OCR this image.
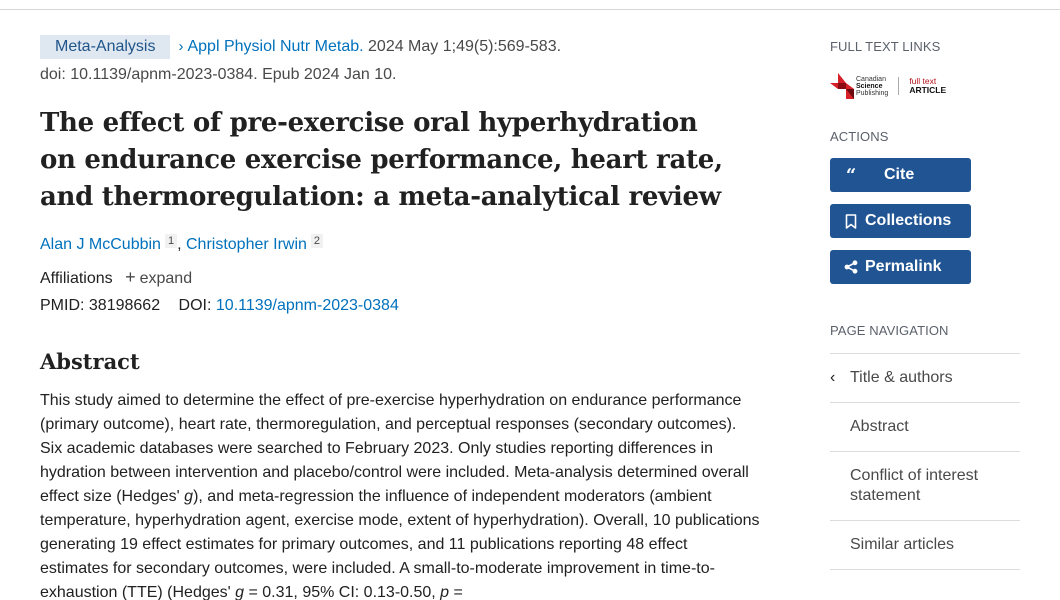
Meta-Analysis › Appl Physiol Nutr Metab. 2024 May 1;49(5):569-583.
doi: 10.1139/apnm-2023-0384. Epub 2024 Jan 10.
The effect of pre-exercise oral hyperhydration on endurance exercise performance, heart rate, and thermoregulation: a meta-analytical review
Alan J McCubbin 1 , Christopher Irwin 2
Affiliations + expand
PMID: 38198662 DOI: 10.1139/apnm-2023-0384
Abstract

This study aimed to determine the effect of pre-exercise hyperhydration on endurance performance (primary outcome), heart rate, thermoregulation, and perceptual responses (secondary outcomes). Six academic databases were searched to February 2023. Only studies reporting differences in hydration between intervention and placebo/control were included. Meta-analysis determined overall effect size (Hedges' g), and meta-regression the influence of independent moderators (ambient temperature, hyperhydration agent, exercise mode, extent of hyperhydration). Overall, 10 publications generating 19 effect estimates for primary outcomes, and 11 publications reporting 48 effect estimates for secondary outcomes, were included. A small-to-moderate improvement in time-to-exhaustion (TTE) (Hedges' g = 0.31, 95% CI: 0.13-0.50, p =

FULL TEXT LINKS
Canadian
Science
Publishing
full text
ARTICLE
ACTIONS
“ Cite
Collections
Permalink
PAGE NAVIGATION
‹ Title & authors
Abstract
Conflict of interest statement
Similar articles
